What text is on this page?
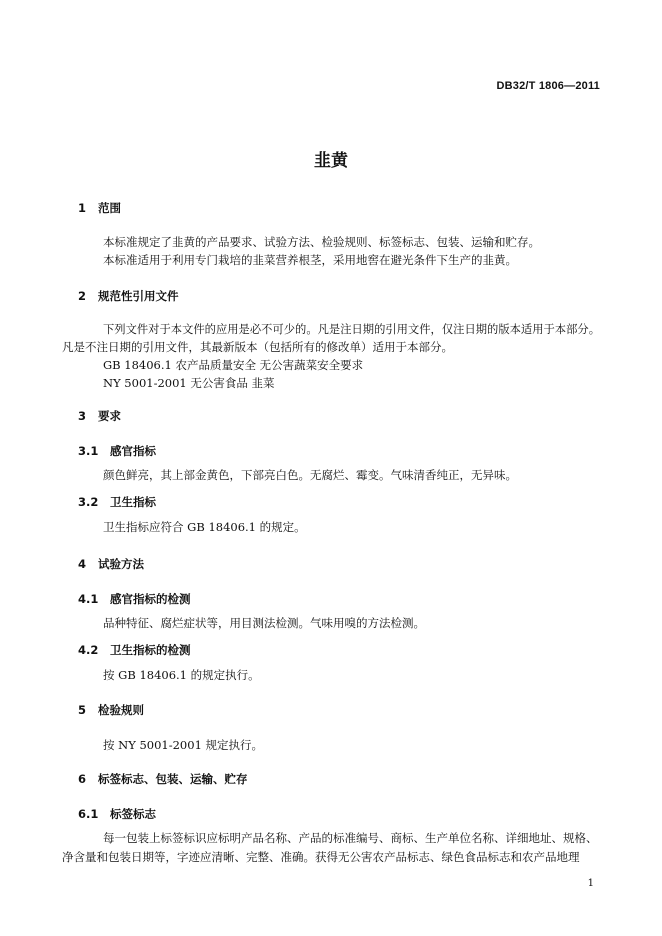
DB32/T 1806—2011
韭黄
1 范围
本标准规定了韭黄的产品要求、试验方法、检验规则、标签标志、包装、运输和贮存。
本标准适用于利用专门栽培的韭菜营养根茎，采用地窖在避光条件下生产的韭黄。
2 规范性引用文件
下列文件对于本文件的应用是必不可少的。凡是注日期的引用文件，仅注日期的版本适用于本部分。
凡是不注日期的引用文件，其最新版本（包括所有的修改单）适用于本部分。
GB 18406.1 农产品质量安全 无公害蔬菜安全要求
NY 5001-2001 无公害食品 韭菜
3 要求
3.1 感官指标
颜色鲜亮，其上部金黄色，下部亮白色。无腐烂、霉变。气味清香纯正，无异味。
3.2 卫生指标
卫生指标应符合 GB 18406.1 的规定。
4 试验方法
4.1 感官指标的检测
品种特征、腐烂症状等，用目测法检测。气味用嗅的方法检测。
4.2 卫生指标的检测
按 GB 18406.1 的规定执行。
5 检验规则
按 NY 5001-2001 规定执行。
6 标签标志、包装、运输、贮存
6.1 标签标志
每一包装上标签标识应标明产品名称、产品的标准编号、商标、生产单位名称、详细地址、规格、
净含量和包装日期等，字迹应清晰、完整、准确。获得无公害农产品标志、绿色食品标志和农产品地理
1
